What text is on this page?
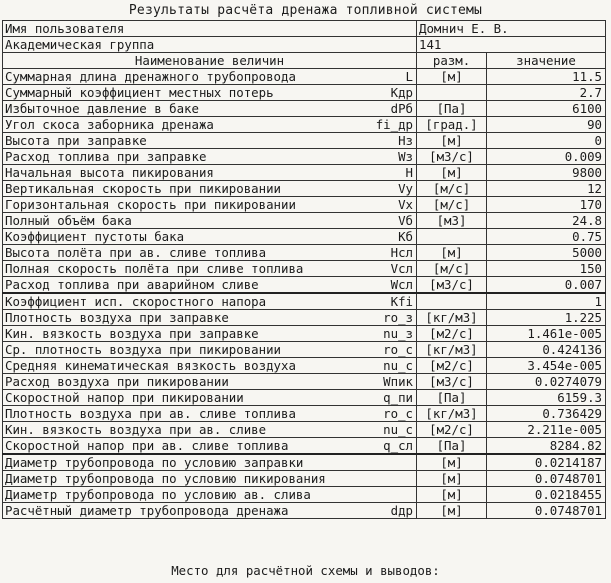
Результаты расчёта дренажа топливной системы
Имя пользователя		Домнич Е. В.	
Академическая группа		141	
Наименование величин		разм.	значение
Суммарная длина дренажного трубопровода	L	[м]	11.5
Суммарный коэффициент местных потерь	Kдр		2.7
Избыточное давление в баке	dPб	[Па]	6100
Угол скоса заборника дренажа	fi_др	[град.]	90
Высота при заправке	Hз	[м]	0
Расход топлива при заправке	Wз	[м3/с]	0.009
Начальная высота пикирования	H	[м]	9800
Вертикальная скорость при пикировании	Vy	[м/с]	12
Горизонтальная скорость при пикировании	Vx	[м/с]	170
Полный объём бака	Vб	[м3]	24.8
Коэффициент пустоты бака	Kб		0.75
Высота полёта при ав. сливе топлива	Hсл	[м]	5000
Полная скорость полёта при сливе топлива	Vсл	[м/с]	150
Расход топлива при аварийном сливе	Wсл	[м3/с]	0.007
Коэффициент исп. скоростного напора	Kfi		1
Плотность воздуха при заправке	ro_з	[кг/м3]	1.225
Кин. вязкость воздуха при заправке	nu_з	[м2/с]	1.461e-005
Ср. плотность воздуха при пикировании	ro_c	[кг/м3]	0.424136
Средняя кинематическая вязкость воздуха	nu_c	[м2/с]	3.454e-005
Расход воздуха при пикировании	Wпик	[м3/с]	0.0274079
Скоростной напор при пикировании	q_пи	[Па]	6159.3
Плотность воздуха при ав. сливе топлива	ro_c	[кг/м3]	0.736429
Кин. вязкость воздуха при ав. сливе	nu_c	[м2/с]	2.211e-005
Скоростной напор при ав. сливе топлива	q_сл	[Па]	8284.82
Диаметр трубопровода по условию заправки		[м]	0.0214187
Диаметр трубопровода по условию пикирования		[м]	0.0748701
Диаметр трубопровода по условию ав. слива		[м]	0.0218455
Расчётный диаметр трубопровода дренажа	dдр	[м]	0.0748701
Место для расчётной схемы и выводов:
